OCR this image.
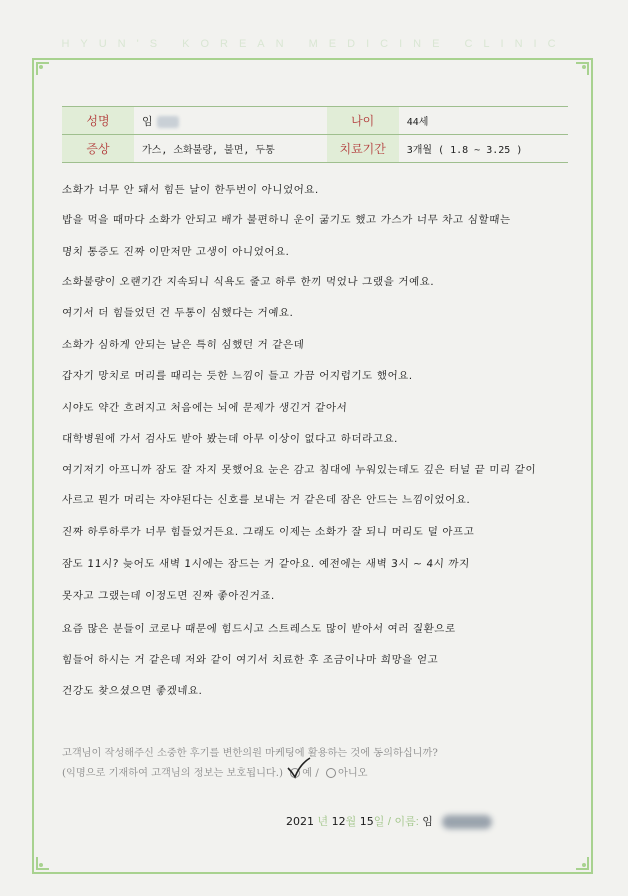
HYUN'S KOREAN MEDICINE CLINIC
성명	임	나이	44세
증상	가스, 소화불량, 불면, 두통	치료기간	3개월 ( 1.8 ~ 3.25 )
소화가 너무 안 돼서 힘든 날이 한두번이 아니었어요.
밥을 먹을 때마다 소화가 안되고 배가 불편하니 운이 굶기도 했고 가스가 너무 차고 심할때는
명치 통증도 진짜 이만저만 고생이 아니었어요.
소화불량이 오랜기간 지속되니 식욕도 줄고 하루 한끼 먹었나 그랬을 거예요.
여기서 더 힘들었던 건 두통이 심했다는 거예요.
소화가 심하게 안되는 날은 특히 심했던 거 같은데
갑자기 망치로 머리를 때리는 듯한 느낌이 들고 가끔 어지럽기도 했어요.
시야도 약간 흐려지고 처음에는 뇌에 문제가 생긴거 같아서
대학병원에 가서 검사도 받아 봤는데 아무 이상이 없다고 하더라고요.
여기저기 아프니까 잠도 잘 자지 못했어요 눈은 감고 침대에 누워있는데도 깊은 터널 끝 미리 같이
사르고 뭔가 머리는 자야된다는 신호를 보내는 거 같은데 잠은 안드는 느낌이었어요.
진짜 하루하루가 너무 힘들었거든요. 그래도 이제는 소화가 잘 되니 머리도 덜 아프고
잠도 11시? 늦어도 새벽 1시에는 잠드는 거 같아요. 예전에는 새벽 3시 ~ 4시 까지
못자고 그랬는데 이정도면 진짜 좋아진거죠.
요즘 많은 분들이 코로나 때문에 힘드시고 스트레스도 많이 받아서 여러 질환으로
힘들어 하시는 거 같은데 저와 같이 여기서 치료한 후 조금이나마 희망을 얻고
건강도 찾으셨으면 좋겠네요.
고객님이 작성해주신 소중한 후기를 변한의원 마케팅에 활용하는 것에 동의하십니까?
(익명으로 기재하여 고객님의 정보는 보호됩니다.) 예 / 아니오
2021 년 12월 15일 / 이름: 임
